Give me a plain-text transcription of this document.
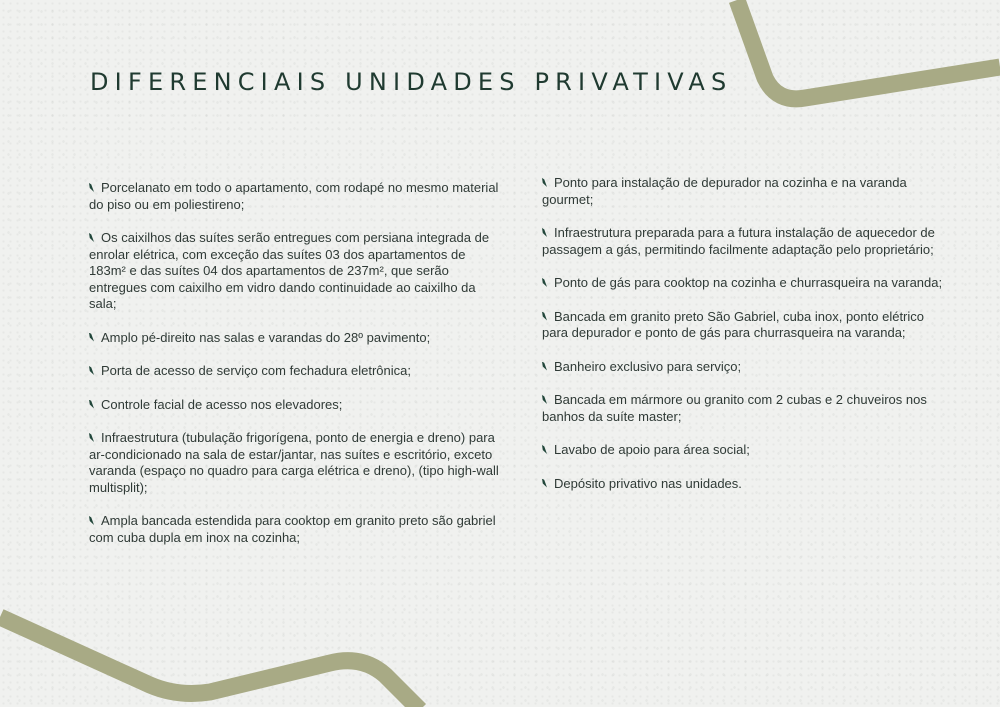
DIFERENCIAIS UNIDADES PRIVATIVAS

Porcelanato em todo o apartamento, com rodapé no mesmo material do piso ou em poliestireno;

Os caixilhos das suítes serão entregues com persiana integrada de enrolar elétrica, com exceção das suítes 03 dos apartamentos de 183m² e das suítes 04 dos apartamentos de 237m², que serão entregues com caixilho em vidro dando continuidade ao caixilho da sala;

Amplo pé-direito nas salas e varandas do 28º pavimento;

Porta de acesso de serviço com fechadura eletrônica;

Controle facial de acesso nos elevadores;

Infraestrutura (tubulação frigorígena, ponto de energia e dreno) para ar-condicionado na sala de estar/jantar, nas suítes e escritório, exceto varanda (espaço no quadro para carga elétrica e dreno), (tipo high-wall multisplit);

Ampla bancada estendida para cooktop em granito preto são gabriel com cuba dupla em inox na cozinha;

Ponto para instalação de depurador na cozinha e na varanda gourmet;

Infraestrutura preparada para a futura instalação de aquecedor de passagem a gás, permitindo facilmente adaptação pelo proprietário;

Ponto de gás para cooktop na cozinha e churrasqueira na varanda;

Bancada em granito preto São Gabriel, cuba inox, ponto elétrico para depurador e ponto de gás para churrasqueira na varanda;

Banheiro exclusivo para serviço;

Bancada em mármore ou granito com 2 cubas e 2 chuveiros nos banhos da suíte master;

Lavabo de apoio para área social;

Depósito privativo nas unidades.
